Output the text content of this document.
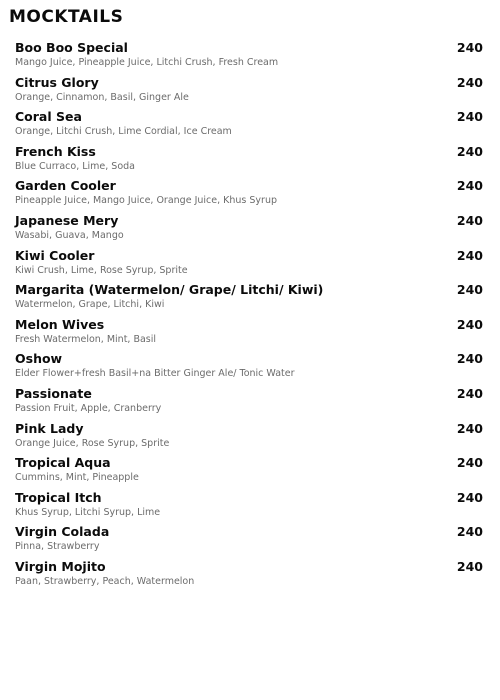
MOCKTAILS
Boo Boo Special
Mango Juice, Pineapple Juice, Litchi Crush, Fresh Cream
240
Citrus Glory
Orange, Cinnamon, Basil, Ginger Ale
240
Coral Sea
Orange, Litchi Crush, Lime Cordial, Ice Cream
240
French Kiss
Blue Curraco, Lime, Soda
240
Garden Cooler
Pineapple Juice, Mango Juice, Orange Juice, Khus Syrup
240
Japanese Mery
Wasabi, Guava, Mango
240
Kiwi Cooler
Kiwi Crush, Lime, Rose Syrup, Sprite
240
Margarita (Watermelon/ Grape/ Litchi/ Kiwi)
Watermelon, Grape, Litchi, Kiwi
240
Melon Wives
Fresh Watermelon, Mint, Basil
240
Oshow
Elder Flower+fresh Basil+na Bitter Ginger Ale/ Tonic Water
240
Passionate
Passion Fruit, Apple, Cranberry
240
Pink Lady
Orange Juice, Rose Syrup, Sprite
240
Tropical Aqua
Cummins, Mint, Pineapple
240
Tropical Itch
Khus Syrup, Litchi Syrup, Lime
240
Virgin Colada
Pinna, Strawberry
240
Virgin Mojito
Paan, Strawberry, Peach, Watermelon
240
